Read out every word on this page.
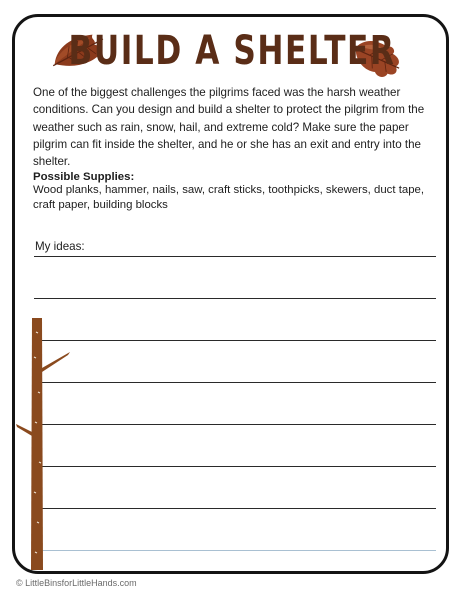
BUILD A SHELTER

One of the biggest challenges the pilgrims faced was the harsh weather conditions. Can you design and build a shelter to protect the pilgrim from the weather such as rain, snow, hail, and extreme cold? Make sure the paper pilgrim can fit inside the shelter, and he or she has an exit and entry into the shelter.

Possible Supplies:

Wood planks, hammer, nails, saw, craft sticks, toothpicks, skewers, duct tape, craft paper, building blocks

My ideas:

© LittleBinsforLittleHands.com
